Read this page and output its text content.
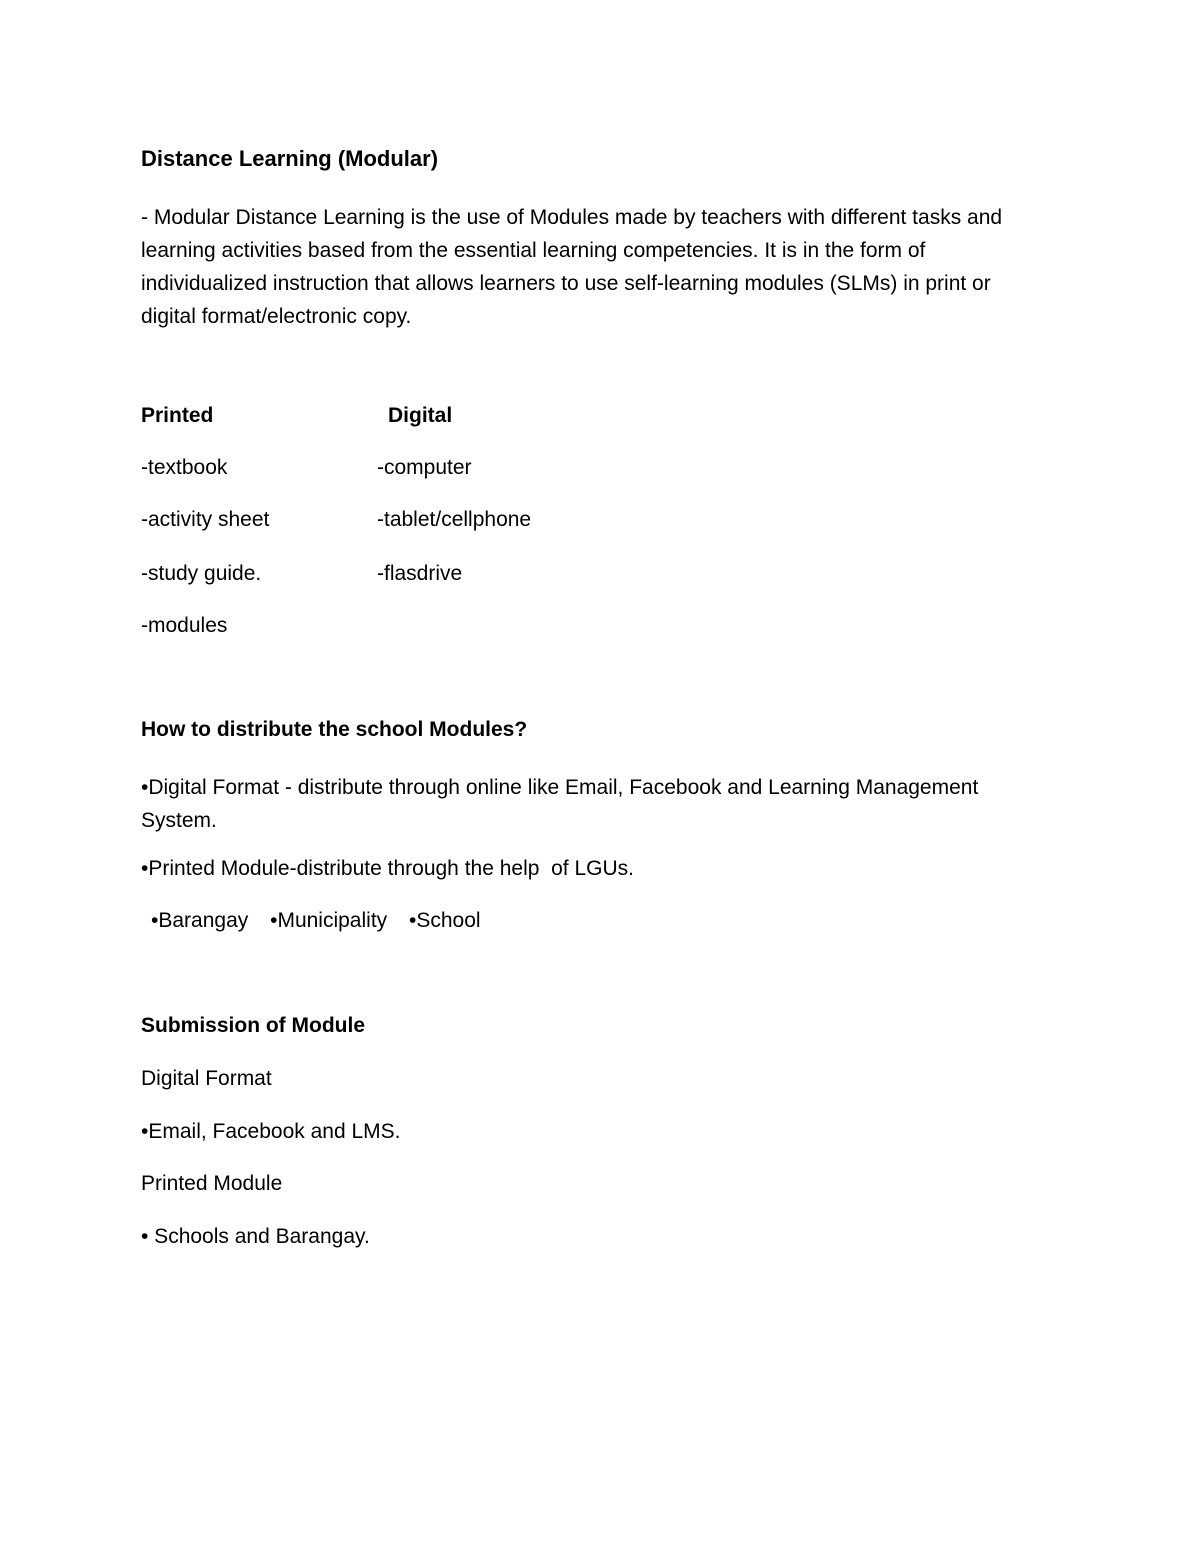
Distance Learning (Modular)
- Modular Distance Learning is the use of Modules made by teachers with different tasks and learning activities based from the essential learning competencies. It is in the form of individualized instruction that allows learners to use self-learning modules (SLMs) in print or digital format/electronic copy.
Printed	Digital
-textbook	-computer
-activity sheet	-tablet/cellphone
-study guide.	-flasdrive
-modules
How to distribute the school Modules?
•Digital Format - distribute through online like Email, Facebook and Learning Management System.
•Printed Module-distribute through the help  of LGUs.
•Barangay •Municipality •School
Submission of Module
Digital Format
•Email, Facebook and LMS.
Printed Module
• Schools and Barangay.
